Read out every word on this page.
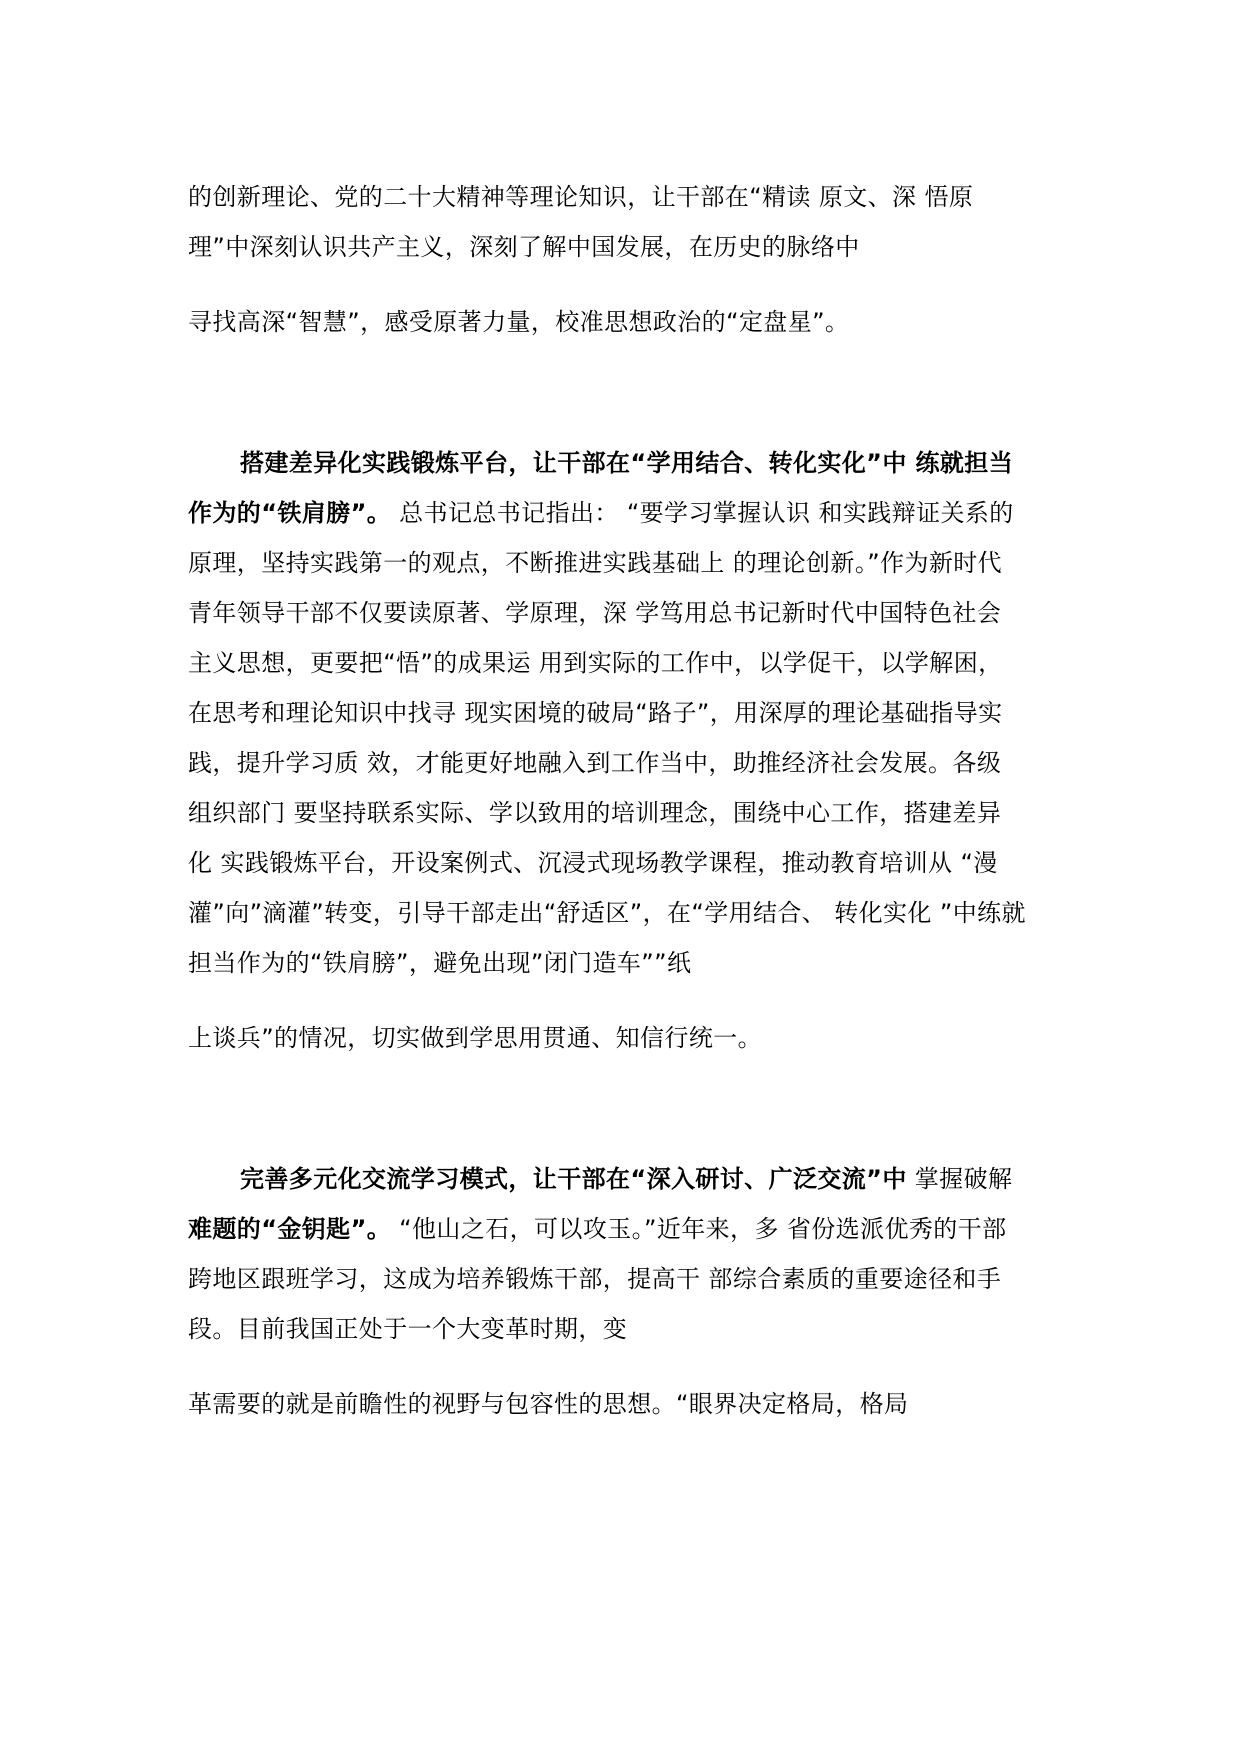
的创新理论、党的二十大精神等理论知识，让干部在“精读 原文、深 悟原
理”中深刻认识共产主义，深刻了解中国发展，在历史的脉络中
寻找高深“智慧”，感受原著力量，校准思想政治的“定盘星”。
搭建差异化实践锻炼平台，让干部在“学用结合、转化实化”中 练就担当
作为的“铁肩膀”。 总书记总书记指出： “要学习掌握认识 和实践辩证关系的
原理，坚持实践第一的观点，不断推进实践基础上 的理论创新。”作为新时代
青年领导干部不仅要读原著、学原理，深 学笃用总书记新时代中国特色社会
主义思想，更要把“悟”的成果运 用到实际的工作中，以学促干，以学解困，
在思考和理论知识中找寻 现实困境的破局“路子”，用深厚的理论基础指导实
践，提升学习质 效，才能更好地融入到工作当中，助推经济社会发展。各级
组织部门 要坚持联系实际、学以致用的培训理念，围绕中心工作，搭建差异
化 实践锻炼平台，开设案例式、沉浸式现场教学课程，推动教育培训从 “漫
灌”向”滴灌”转变，引导干部走出“舒适区”，在“学用结合、 转化实化 ”中练就
担当作为的“铁肩膀”，避免出现”闭门造车””纸
上谈兵”的情况，切实做到学思用贯通、知信行统一。
完善多元化交流学习模式，让干部在“深入研讨、广泛交流”中 掌握破解
难题的“金钥匙”。 “他山之石，可以攻玉。”近年来，多 省份选派优秀的干部
跨地区跟班学习，这成为培养锻炼干部，提高干 部综合素质的重要途径和手
段。目前我国正处于一个大变革时期，变
革需要的就是前瞻性的视野与包容性的思想。“眼界决定格局，格局
